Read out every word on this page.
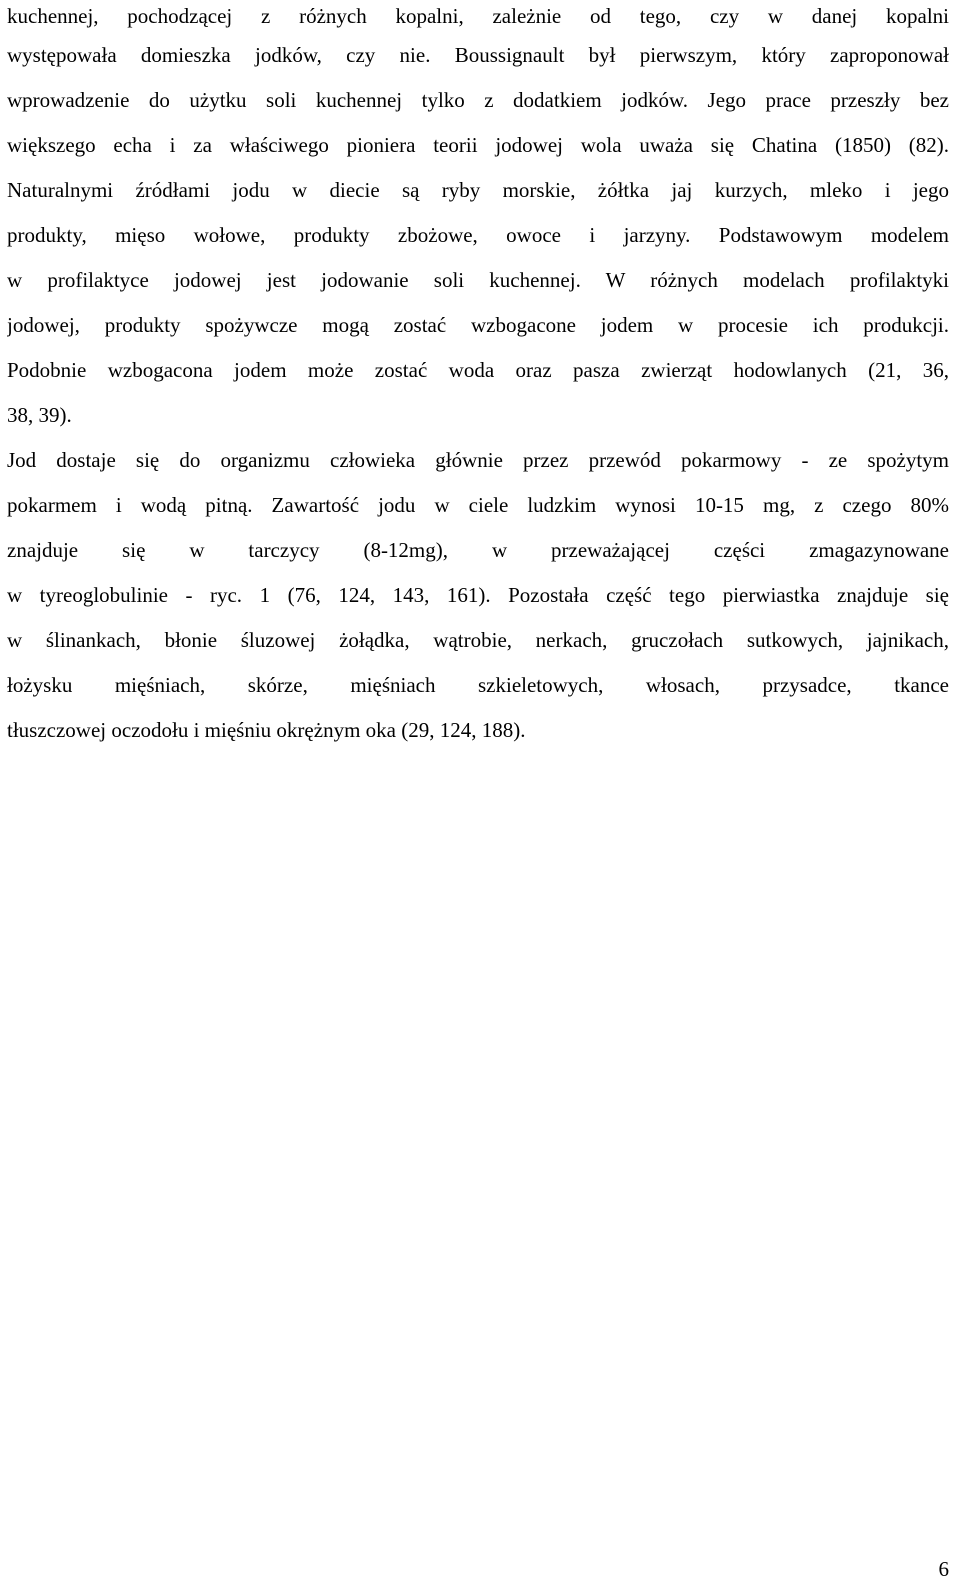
kuchennej, pochodzącej z różnych kopalni, zależnie od tego, czy w danej kopalni
występowała domieszka jodków, czy nie. Boussignault był pierwszym, który zaproponował
wprowadzenie do użytku soli kuchennej tylko z dodatkiem jodków. Jego prace przeszły bez
większego echa i za właściwego pioniera teorii jodowej wola uważa się Chatina (1850) (82).
Naturalnymi źródłami jodu w diecie są ryby morskie, żółtka jaj kurzych, mleko i jego
produkty, mięso wołowe, produkty zbożowe, owoce i jarzyny. Podstawowym modelem
w profilaktyce jodowej jest jodowanie soli kuchennej. W różnych modelach profilaktyki
jodowej, produkty spożywcze mogą zostać wzbogacone jodem w procesie ich produkcji.
Podobnie wzbogacona jodem może zostać woda oraz pasza zwierząt hodowlanych (21, 36,
38, 39).
Jod dostaje się do organizmu człowieka głównie przez przewód pokarmowy - ze spożytym
pokarmem i wodą pitną. Zawartość jodu w ciele ludzkim wynosi 10-15 mg, z czego 80%
znajduje się w tarczycy (8-12mg), w przeważającej części zmagazynowane
w tyreoglobulinie - ryc. 1 (76, 124, 143, 161). Pozostała część tego pierwiastka znajduje się
w ślinankach, błonie śluzowej żołądka, wątrobie, nerkach, gruczołach sutkowych, jajnikach,
łożysku mięśniach, skórze, mięśniach szkieletowych, włosach, przysadce, tkance
tłuszczowej oczodołu i mięśniu okrężnym oka (29, 124, 188).
6
